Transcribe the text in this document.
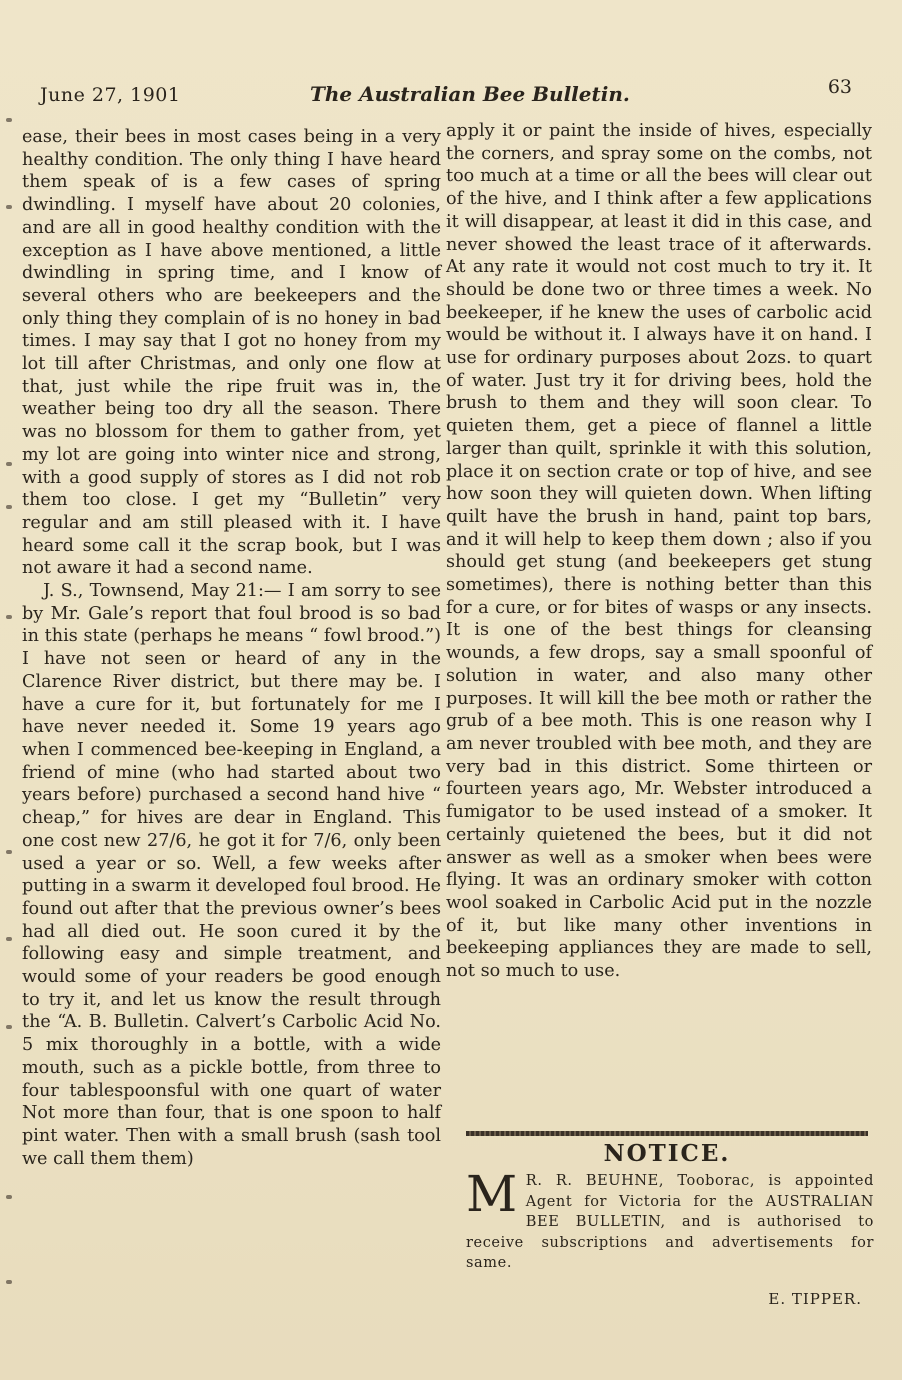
June 27, 1901	The Australian Bee Bulletin.	63

ease, their bees in most cases being in a very healthy condition. The only thing I have heard them speak of is a few cases of spring dwindling. I myself have about 20 colonies, and are all in good healthy condition with the exception as I have above mentioned, a little dwindling in spring time, and I know of several others who are beekeepers and the only thing they complain of is no honey in bad times. I may say that I got no honey from my lot till after Christmas, and only one flow at that, just while the ripe fruit was in, the weather being too dry all the season. There was no blossom for them to gather from, yet my lot are going into winter nice and strong, with a good supply of stores as I did not rob them too close. I get my “Bulletin” very regular and am still pleased with it. I have heard some call it the scrap book, but I was not aware it had a second name.

J. S., Townsend, May 21:— I am sorry to see by Mr. Gale’s report that foul brood is so bad in this state (perhaps he means “ fowl brood.”) I have not seen or heard of any in the Clarence River district, but there may be. I have a cure for it, but fortunately for me I have never needed it. Some 19 years ago when I commenced bee-keeping in England, a friend of mine (who had started about two years before) purchased a second hand hive “ cheap,” for hives are dear in England. This one cost new 27/6, he got it for 7/6, only been used a year or so. Well, a few weeks after putting in a swarm it developed foul brood. He found out after that the previous owner’s bees had all died out. He soon cured it by the following easy and simple treatment, and would some of your readers be good enough to try it, and let us know the result through the “A. B. Bulletin. Calvert’s Carbolic Acid No. 5 mix thoroughly in a bottle, with a wide mouth, such as a pickle bottle, from three to four tablespoonsful with one quart of water Not more than four, that is one spoon to half pint water. Then with a small brush (sash tool we call them them)

apply it or paint the inside of hives, especially the corners, and spray some on the combs, not too much at a time or all the bees will clear out of the hive, and I think after a few applications it will disappear, at least it did in this case, and never showed the least trace of it afterwards. At any rate it would not cost much to try it. It should be done two or three times a week. No beekeeper, if he knew the uses of carbolic acid would be without it. I always have it on hand. I use for ordinary purposes about 2ozs. to quart of water. Just try it for driving bees, hold the brush to them and they will soon clear. To quieten them, get a piece of flannel a little larger than quilt, sprinkle it with this solution, place it on section crate or top of hive, and see how soon they will quieten down. When lifting quilt have the brush in hand, paint top bars, and it will help to keep them down ; also if you should get stung (and beekeepers get stung sometimes), there is nothing better than this for a cure, or for bites of wasps or any insects. It is one of the best things for cleansing wounds, a few drops, say a small spoonful of solution in water, and also many other purposes. It will kill the bee moth or rather the grub of a bee moth. This is one reason why I am never troubled with bee moth, and they are very bad in this district. Some thirteen or fourteen years ago, Mr. Webster introduced a fumigator to be used instead of a smoker. It certainly quietened the bees, but it did not answer as well as a smoker when bees were flying. It was an ordinary smoker with cotton wool soaked in Carbolic Acid put in the nozzle of it, but like many other inventions in beekeeping appliances they are made to sell, not so much to use.

NOTICE.
M R. R. BEUHNE, Tooborac, is appointed Agent for Victoria for the AUSTRALIAN BEE BULLETIN, and is authorised to receive subscriptions and advertisements for same.
E. TIPPER.
